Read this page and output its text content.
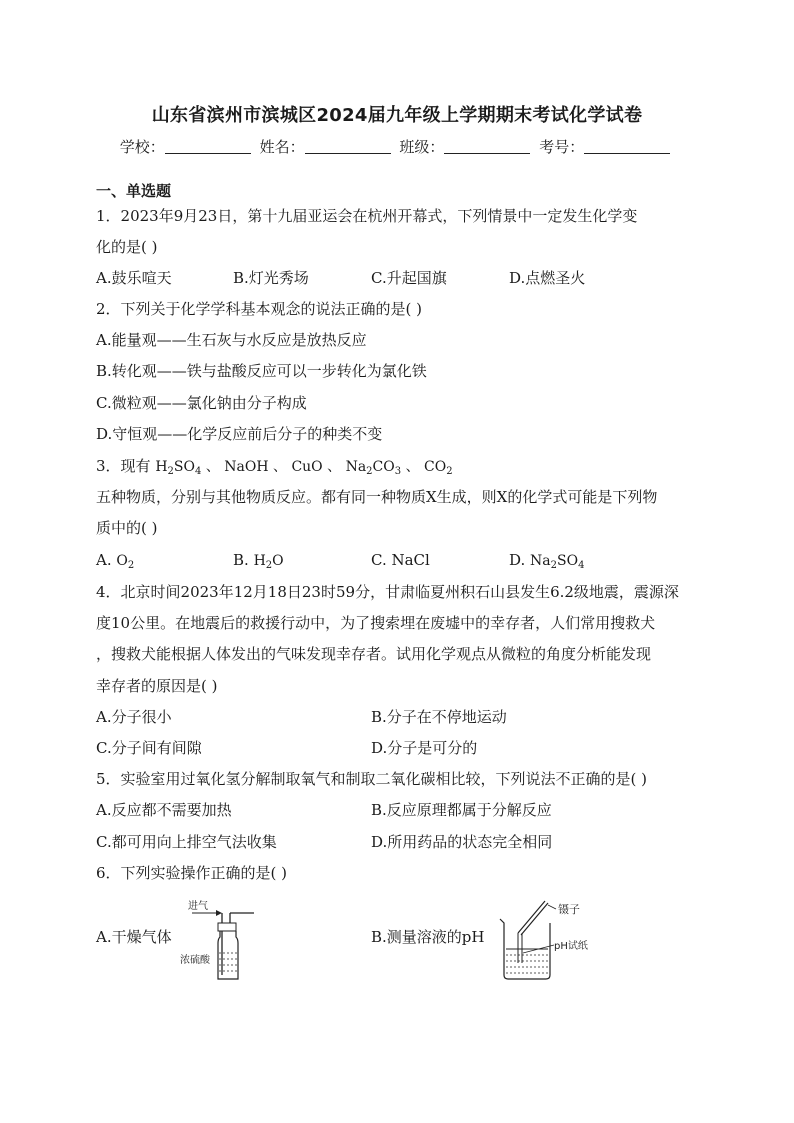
山东省滨州市滨城区2024届九年级上学期期末考试化学试卷
学校：	姓名：	班级：	考号：
一、单选题
1．2023年9月23日，第十九届亚运会在杭州开幕式，下列情景中一定发生化学变
化的是( )
A.鼓乐喧天	B.灯光秀场	C.升起国旗	D.点燃圣火
2．下列关于化学学科基本观念的说法正确的是( )
A.能量观——生石灰与水反应是放热反应
B.转化观——铁与盐酸反应可以一步转化为氯化铁
C.微粒观——氯化钠由分子构成
D.守恒观——化学反应前后分子的种类不变
3．现有 $H_2SO_4$ 、 NaOH 、 CuO 、 $Na_2CO_3$ 、 $CO_2$
五种物质，分别与其他物质反应。都有同一种物质X生成，则X的化学式可能是下列物
质中的( )
A. $O_2$	B. $H_2O$	C. NaCl	D. $Na_2SO_4$
4．北京时间2023年12月18日23时59分，甘肃临夏州积石山县发生6.2级地震，震源深
度10公里。在地震后的救援行动中，为了搜索埋在废墟中的幸存者，人们常用搜救犬
，搜救犬能根据人体发出的气味发现幸存者。试用化学观点从微粒的角度分析能发现
幸存者的原因是( )
A.分子很小	B.分子在不停地运动
C.分子间有间隙	D.分子是可分的
5．实验室用过氧化氢分解制取氧气和制取二氧化碳相比较，下列说法不正确的是( )
A.反应都不需要加热	B.反应原理都属于分解反应
C.都可用向上排空气法收集	D.所用药品的状态完全相同
6．下列实验操作正确的是( )
A.干燥气体	B.测量溶液的pH
进气
浓硫酸
镊子
pH试纸
